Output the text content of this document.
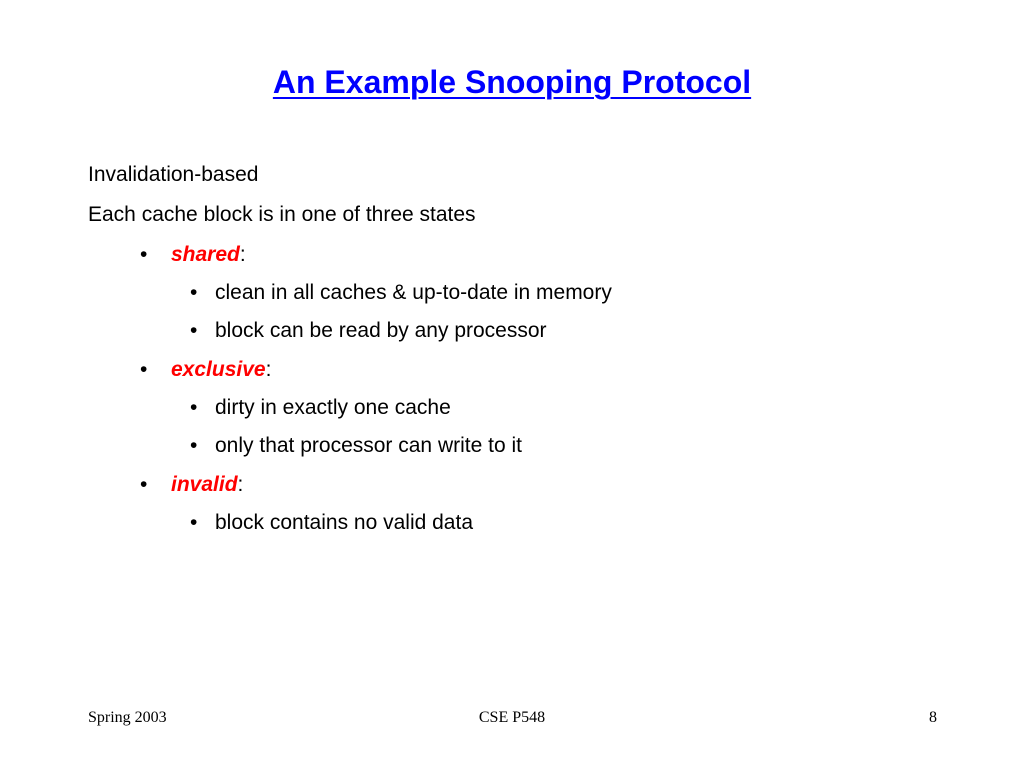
An Example Snooping Protocol
Invalidation-based
Each cache block is in one of three states
• shared:
• clean in all caches & up-to-date in memory
• block can be read by any processor
• exclusive:
• dirty in exactly one cache
• only that processor can write to it
• invalid:
• block contains no valid data
Spring 2003	CSE P548	8
